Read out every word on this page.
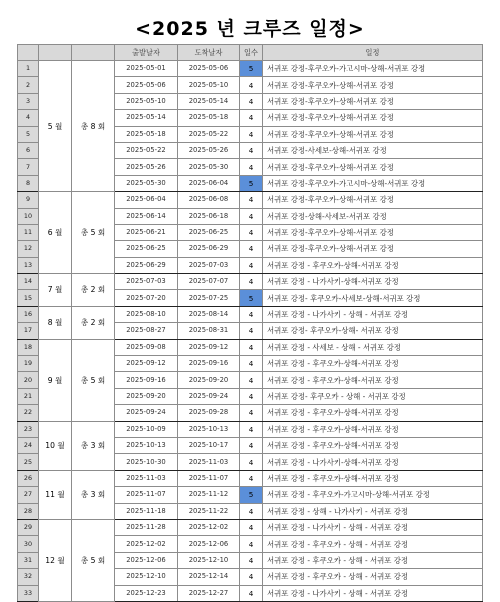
<2025 년 크루즈 일정>
			출발날자	도착날자	일수	일정
1	5 월	총 8 회	2025-05-01	2025-05-06	5	서귀포 강정-후쿠오카-가고시마-상해-서귀포 강정
2			2025-05-06	2025-05-10	4	서귀포 강정-후쿠오카-상해-서귀포 강정
3			2025-05-10	2025-05-14	4	서귀포 강정-후쿠오카-상해-서귀포 강정
4			2025-05-14	2025-05-18	4	서귀포 강정-후쿠오카-상해-서귀포 강정
5			2025-05-18	2025-05-22	4	서귀포 강정-후쿠오카-상해-서귀포 강정
6			2025-05-22	2025-05-26	4	서귀포 강정-사세보-상해-서귀포 강정
7			2025-05-26	2025-05-30	4	서귀포 강정-후쿠오카-상해-서귀포 강정
8			2025-05-30	2025-06-04	5	서귀포 강정-후쿠오카-가고시마-상해-서귀포 강정
9	6 월	총 5 회	2025-06-04	2025-06-08	4	서귀포 강정-후쿠오카-상해-서귀포 강정
10			2025-06-14	2025-06-18	4	서귀포 강정-상해-사세보-서귀포 강정
11			2025-06-21	2025-06-25	4	서귀포 강정-후쿠오카-상해-서귀포 강정
12			2025-06-25	2025-06-29	4	서귀포 강정-후쿠오카-상해-서귀포 강정
13			2025-06-29	2025-07-03	4	서귀포 강정 - 후쿠오카-상해-서귀포 강정
14	7 월	총 2 회	2025-07-03	2025-07-07	4	서귀포 강정 - 나가사키-상해-서귀포 강정
15			2025-07-20	2025-07-25	5	서귀포 강정- 후쿠오카-사세보-상해-서귀포 강정
16	8 월	총 2 회	2025-08-10	2025-08-14	4	서귀포 강정 - 나가사키 - 상해 - 서귀포 강정
17			2025-08-27	2025-08-31	4	서귀포 강정- 후쿠오카-상해- 서귀포 강정
18	9 월	총 5 회	2025-09-08	2025-09-12	4	서귀포 강정 - 사세보 - 상해 - 서귀포 강정
19			2025-09-12	2025-09-16	4	서귀포 강정 - 후쿠오카-상해-서귀포 강정
20			2025-09-16	2025-09-20	4	서귀포 강정 - 후쿠오카-상해-서귀포 강정
21			2025-09-20	2025-09-24	4	서귀포 강정- 후쿠오카 - 상해 - 서귀포 강정
22			2025-09-24	2025-09-28	4	서귀포 강정 - 후쿠오카-상해-서귀포 강정
23	10 월	총 3 회	2025-10-09	2025-10-13	4	서귀포 강정 - 후쿠오카-상해-서귀포 강정
24			2025-10-13	2025-10-17	4	서귀포 강정 - 후쿠오카-상해-서귀포 강정
25			2025-10-30	2025-11-03	4	서귀포 강정 - 나가사키-상해-서귀포 강정
26	11 월	총 3 회	2025-11-03	2025-11-07	4	서귀포 강정 - 후쿠오카-상해-서귀포 강정
27			2025-11-07	2025-11-12	5	서귀포 강정 - 후쿠오카-가고시마-상해-서귀포 강정
28			2025-11-18	2025-11-22	4	서귀포 강정 - 상해 - 나가사키 - 서귀포 강정
29	12 월	총 5 회	2025-11-28	2025-12-02	4	서귀포 강정 - 나가사키 - 상해 - 서귀포 강정
30			2025-12-02	2025-12-06	4	서귀포 강정 - 후쿠오카 - 상해 - 서귀포 강정
31			2025-12-06	2025-12-10	4	서귀포 강정 - 후쿠오카 - 상해 - 서귀포 강정
32			2025-12-10	2025-12-14	4	서귀포 강정 - 후쿠오카 - 상해 - 서귀포 강정
33			2025-12-23	2025-12-27	4	서귀포 강정 - 나가사키 - 상해 - 서귀포 강정
